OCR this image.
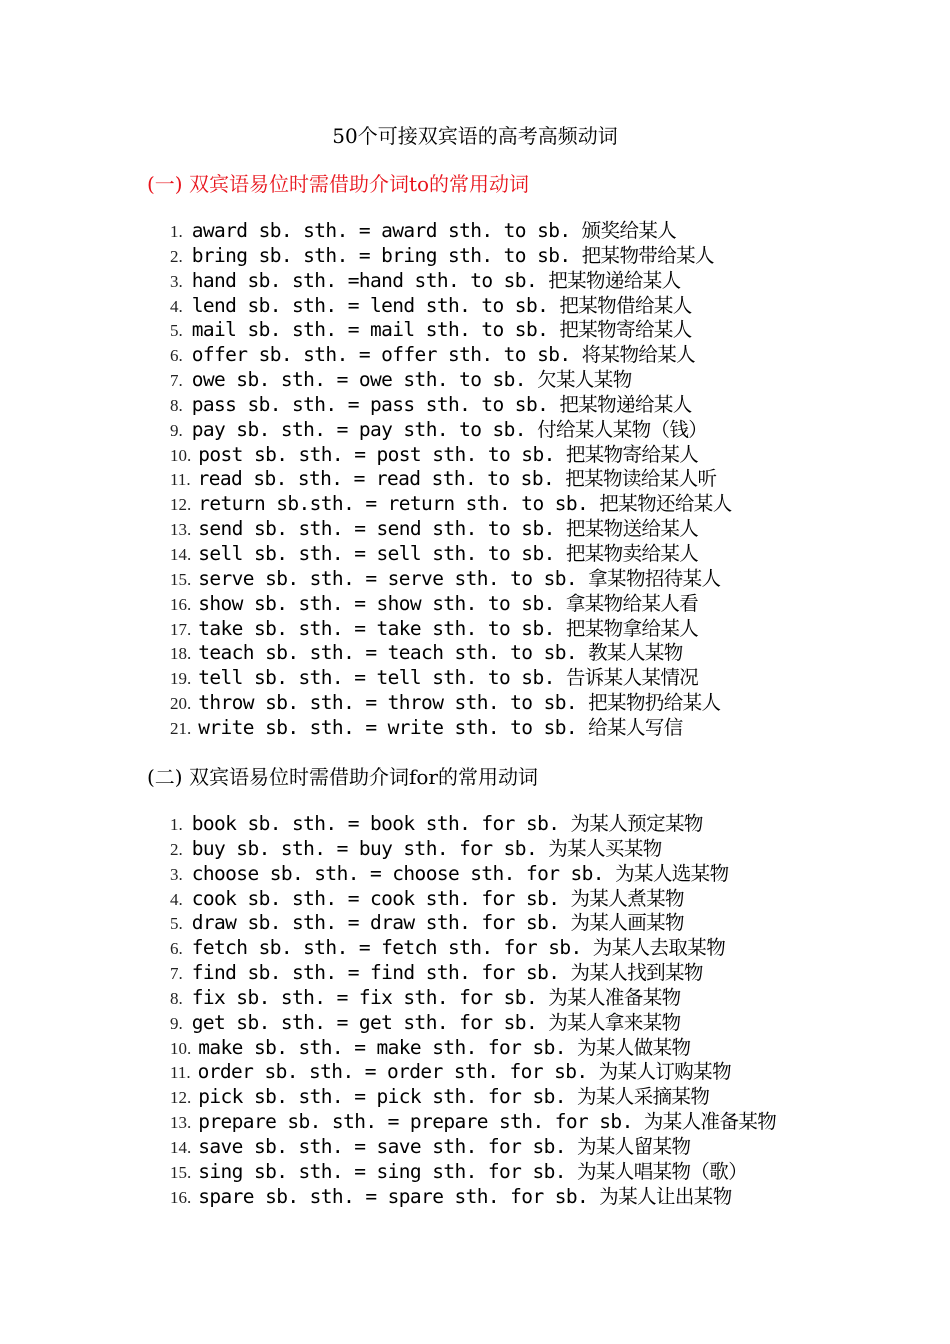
50个可接双宾语的高考高频动词
(一) 双宾语易位时需借助介词to的常用动词
1. award sb. sth. = award sth. to sb. 颁奖给某人
2. bring sb. sth. = bring sth. to sb. 把某物带给某人
3. hand sb. sth. =hand sth. to sb. 把某物递给某人
4. lend sb. sth. = lend sth. to sb. 把某物借给某人
5. mail sb. sth. = mail sth. to sb. 把某物寄给某人
6. offer sb. sth. = offer sth. to sb. 将某物给某人
7. owe sb. sth. = owe sth. to sb. 欠某人某物
8. pass sb. sth. = pass sth. to sb. 把某物递给某人
9. pay sb. sth. = pay sth. to sb. 付给某人某物（钱）
10. post sb. sth. = post sth. to sb. 把某物寄给某人
11. read sb. sth. = read sth. to sb. 把某物读给某人听
12. return sb.sth. = return sth. to sb. 把某物还给某人
13. send sb. sth. = send sth. to sb. 把某物送给某人
14. sell sb. sth. = sell sth. to sb. 把某物卖给某人
15. serve sb. sth. = serve sth. to sb. 拿某物招待某人
16. show sb. sth. = show sth. to sb. 拿某物给某人看
17. take sb. sth. = take sth. to sb. 把某物拿给某人
18. teach sb. sth. = teach sth. to sb. 教某人某物
19. tell sb. sth. = tell sth. to sb. 告诉某人某情况
20. throw sb. sth. = throw sth. to sb. 把某物扔给某人
21. write sb. sth. = write sth. to sb. 给某人写信
(二) 双宾语易位时需借助介词for的常用动词
1. book sb. sth. = book sth. for sb. 为某人预定某物
2. buy sb. sth. = buy sth. for sb. 为某人买某物
3. choose sb. sth. = choose sth. for sb. 为某人选某物
4. cook sb. sth. = cook sth. for sb. 为某人煮某物
5. draw sb. sth. = draw sth. for sb. 为某人画某物
6. fetch sb. sth. = fetch sth. for sb. 为某人去取某物
7. find sb. sth. = find sth. for sb. 为某人找到某物
8. fix sb. sth. = fix sth. for sb. 为某人准备某物
9. get sb. sth. = get sth. for sb. 为某人拿来某物
10. make sb. sth. = make sth. for sb. 为某人做某物
11. order sb. sth. = order sth. for sb. 为某人订购某物
12. pick sb. sth. = pick sth. for sb. 为某人采摘某物
13. prepare sb. sth. = prepare sth. for sb. 为某人准备某物
14. save sb. sth. = save sth. for sb. 为某人留某物
15. sing sb. sth. = sing sth. for sb. 为某人唱某物（歌）
16. spare sb. sth. = spare sth. for sb. 为某人让出某物
